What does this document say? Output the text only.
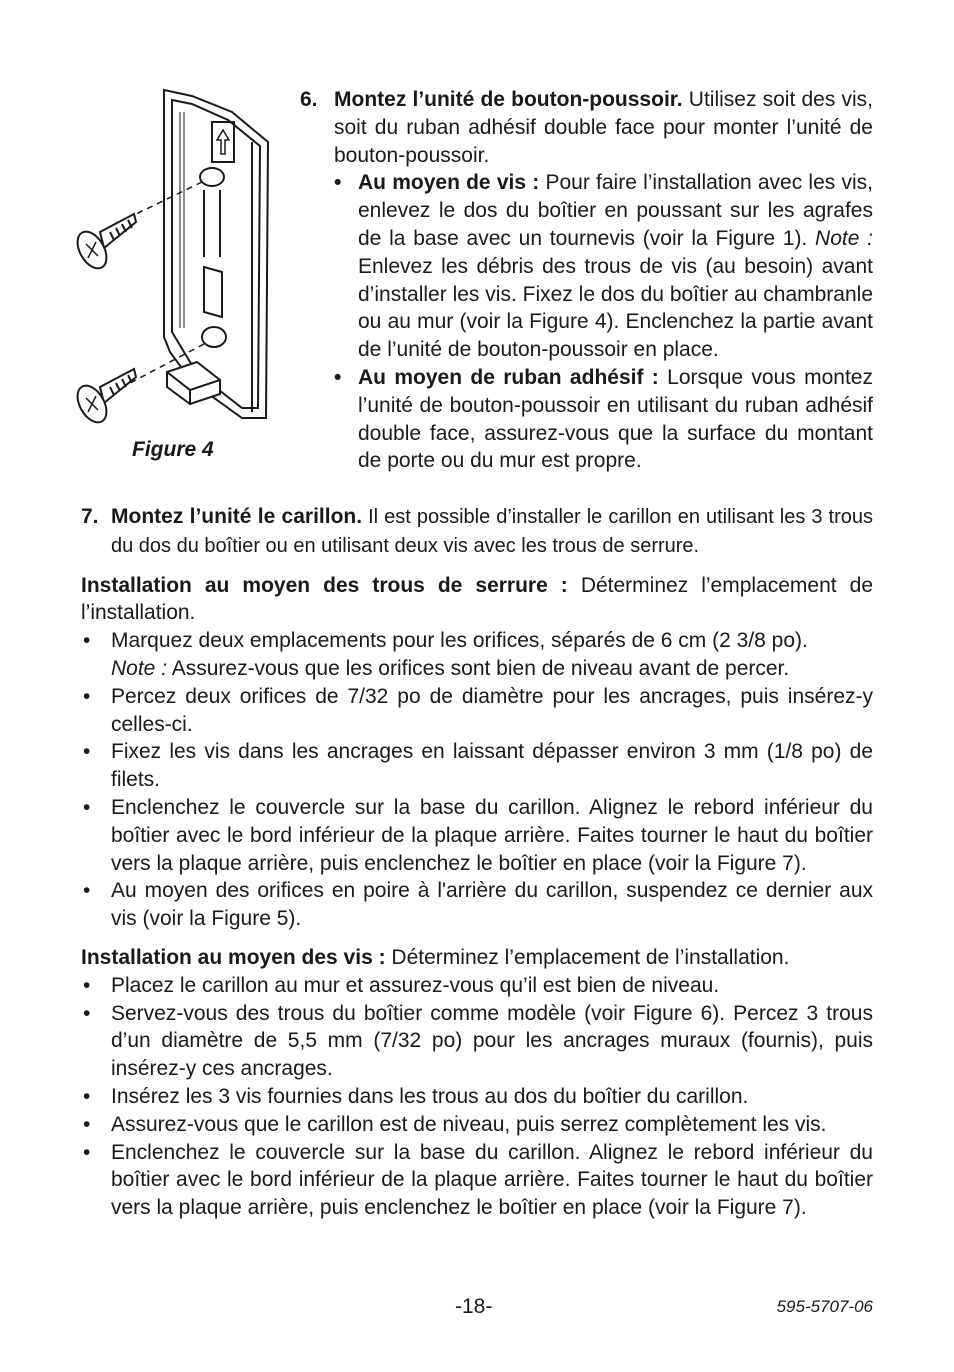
Figure 4
6. Montez l’unité de bouton-poussoir. Utilisez soit des vis, soit du ruban adhésif double face pour monter l’unité de bouton-poussoir.
• Au moyen de vis : Pour faire l’installation avec les vis, enlevez le dos du boîtier en poussant sur les agrafes de la base avec un tournevis (voir la Figure 1). Note : Enlevez les débris des trous de vis (au besoin) avant d’installer les vis. Fixez le dos du boîtier au chambranle ou au mur (voir la Figure 4). Enclenchez la partie avant de l’unité de bouton-poussoir en place.
• Au moyen de ruban adhésif : Lorsque vous montez l’unité de bouton-poussoir en utilisant du ruban adhésif double face, assurez-vous que la surface du montant de porte ou du mur est propre.
7. Montez l’unité le carillon. Il est possible d’installer le carillon en utilisant les 3 trous du dos du boîtier ou en utilisant deux vis avec les trous de serrure.
Installation au moyen des trous de serrure : Déterminez l’emplacement de l’installation.
• Marquez deux emplacements pour les orifices, séparés de 6 cm (2 3/8 po).
Note : Assurez-vous que les orifices sont bien de niveau avant de percer.
• Percez deux orifices de 7/32 po de diamètre pour les ancrages, puis insérez-y celles-ci.
• Fixez les vis dans les ancrages en laissant dépasser environ 3 mm (1/8 po) de filets.
• Enclenchez le couvercle sur la base du carillon. Alignez le rebord inférieur du boîtier avec le bord inférieur de la plaque arrière. Faites tourner le haut du boîtier vers la plaque arrière, puis enclenchez le boîtier en place (voir la Figure 7).
• Au moyen des orifices en poire à l'arrière du carillon, suspendez ce dernier aux vis (voir la Figure 5).
Installation au moyen des vis : Déterminez l’emplacement de l’installation.
• Placez le carillon au mur et assurez-vous qu’il est bien de niveau.
• Servez-vous des trous du boîtier comme modèle (voir Figure 6). Percez 3 trous d’un diamètre de 5,5 mm (7/32 po) pour les ancrages muraux (fournis), puis insérez-y ces ancrages.
• Insérez les 3 vis fournies dans les trous au dos du boîtier du carillon.
• Assurez-vous que le carillon est de niveau, puis serrez complètement les vis.
• Enclenchez le couvercle sur la base du carillon. Alignez le rebord inférieur du boîtier avec le bord inférieur de la plaque arrière. Faites tourner le haut du boîtier vers la plaque arrière, puis enclenchez le boîtier en place (voir la Figure 7).
-18-	595-5707-06
